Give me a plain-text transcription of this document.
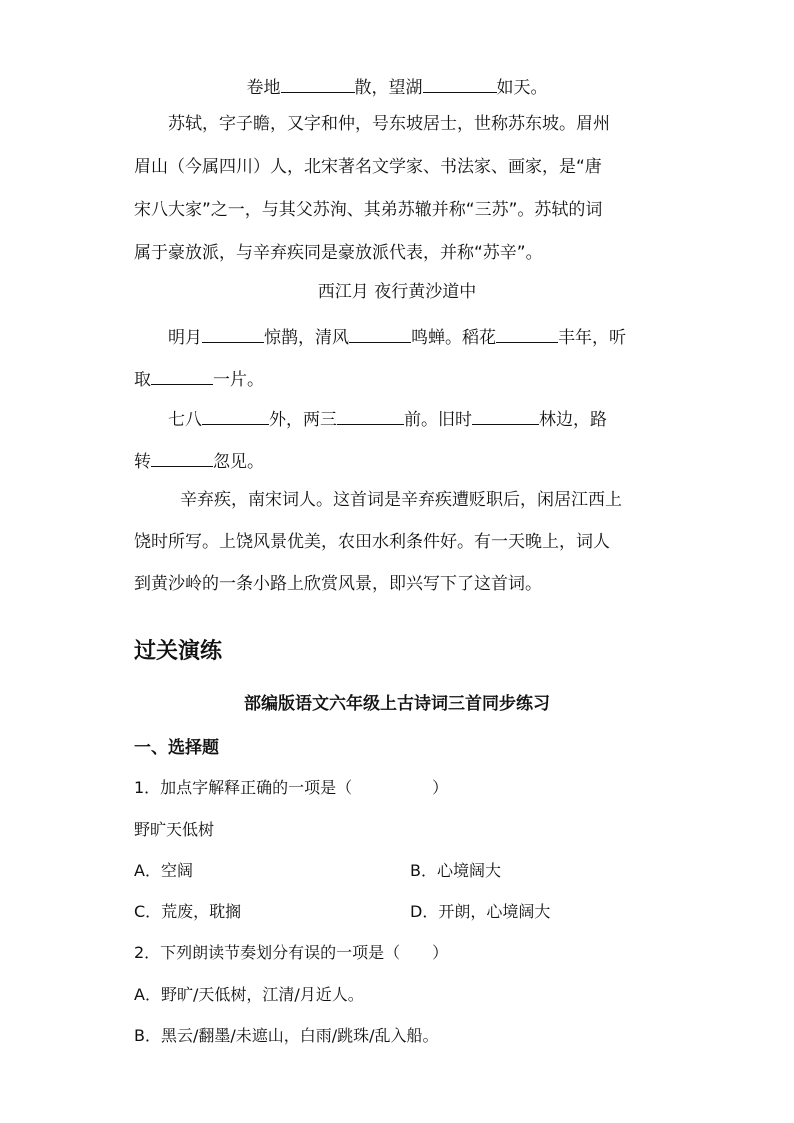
卷地	散，望湖	如天。
苏轼，字子瞻，又字和仲，号东坡居士，世称苏东坡。眉州
眉山（今属四川）人，北宋著名文学家、书法家、画家，是“唐
宋八大家”之一，与其父苏洵、其弟苏辙并称“三苏”。苏轼的词
属于豪放派，与辛弃疾同是豪放派代表，并称“苏辛”。
西江月 夜行黄沙道中
明月	惊鹊，清风	鸣蝉。稻花	丰年，听
取	一片。
七八	外，两三	前。旧时	林边，路
转	忽见。
辛弃疾，南宋词人。这首词是辛弃疾遭贬职后，闲居江西上
饶时所写。上饶风景优美，农田水利条件好。有一天晚上，词人
到黄沙岭的一条小路上欣赏风景，即兴写下了这首词。
过关演练
部编版语文六年级上古诗词三首同步练习
一、选择题
1．加点字解释正确的一项是（　　　　　）
野旷天低树
A．空阔	B．心境阔大
C．荒废，耽搁	D．开朗，心境阔大
2．下列朗读节奏划分有误的一项是（　　）
A．野旷/天低树，江清/月近人。
B．黑云/翻墨/未遮山，白雨/跳珠/乱入船。
